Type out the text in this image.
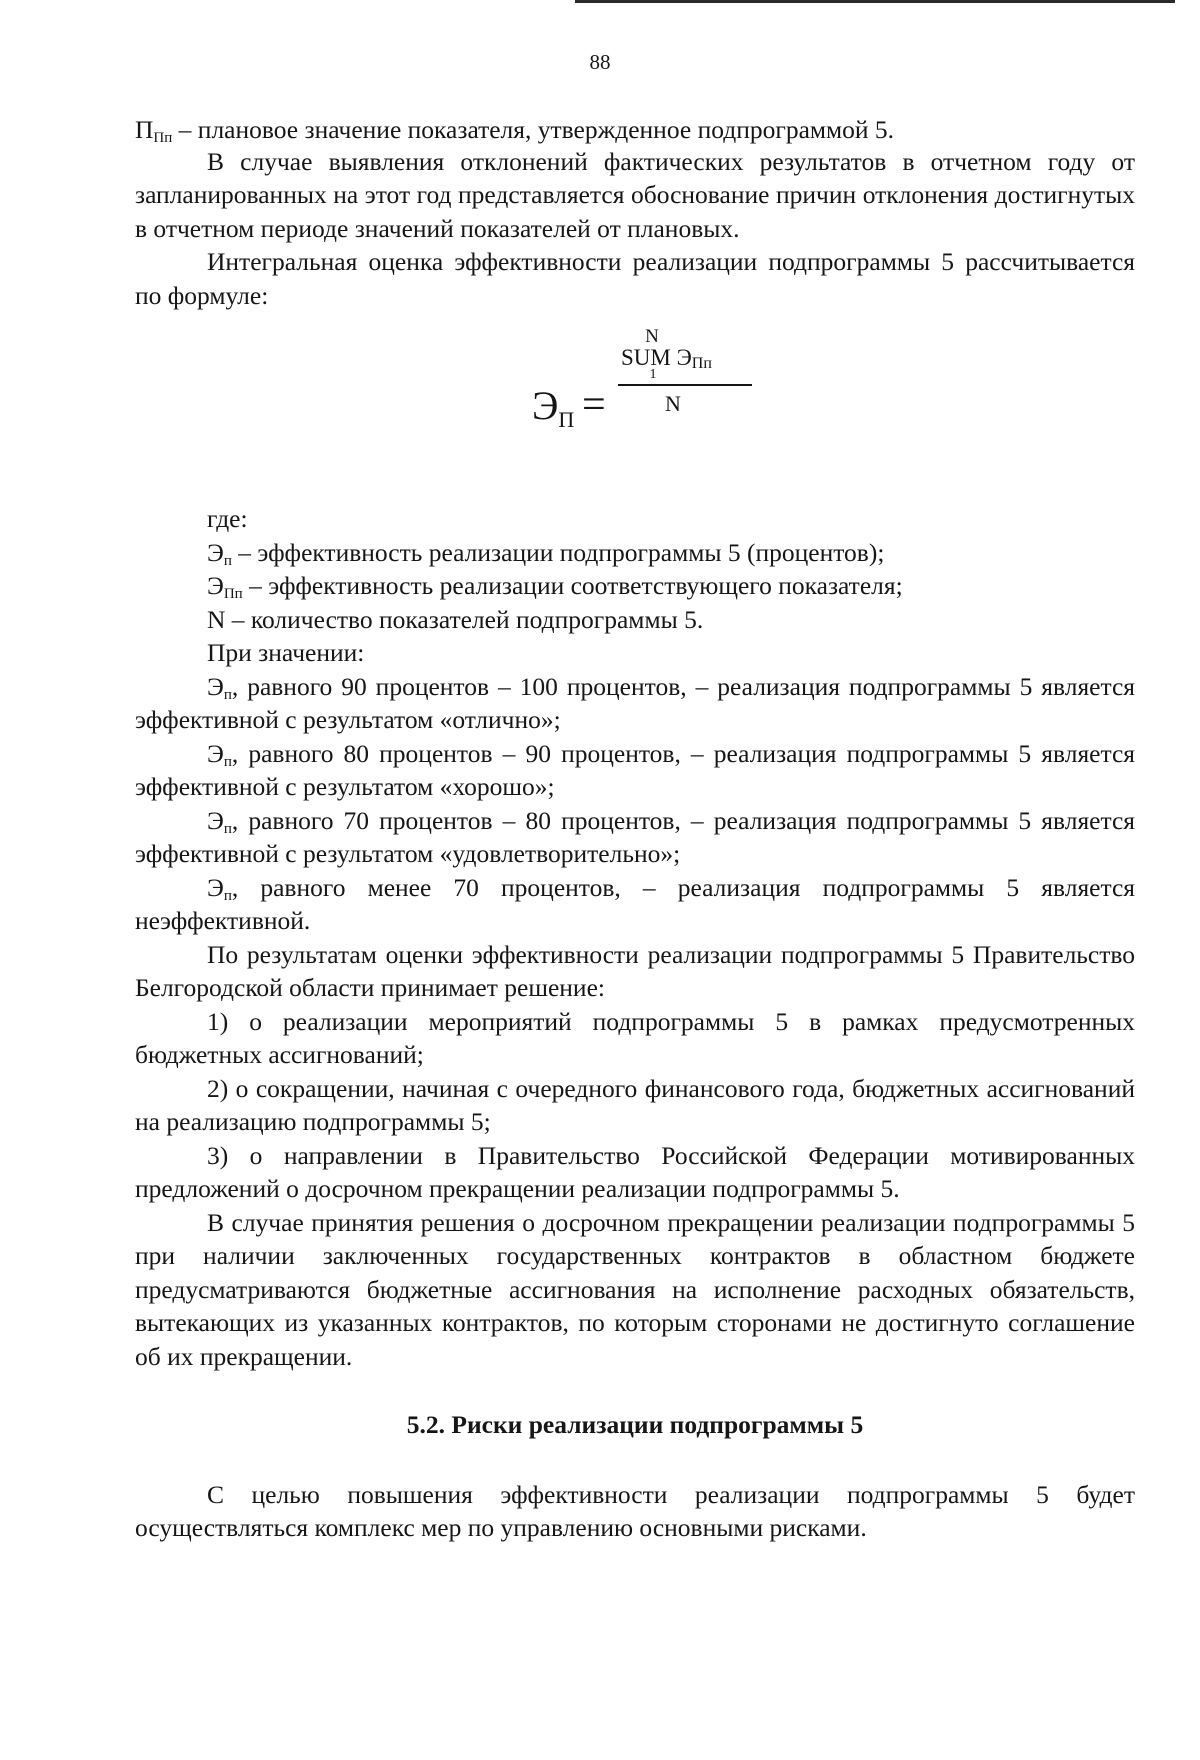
88

$П_{Пп}$ – плановое значение показателя, утвержденное подпрограммой 5.

В случае выявления отклонений фактических результатов в отчетном году от запланированных на этот год представляется обоснование причин отклонения достигнутых в отчетном периоде значений показателей от плановых.

Интегральная оценка эффективности реализации подпрограммы 5 рассчитывается по формуле:

$Э_П$ =
N
SUM $Э_{Пп}$
1
N

где:

$Э_п$ – эффективность реализации подпрограммы 5 (процентов);

$Э_{Пп}$ – эффективность реализации соответствующего показателя;

N – количество показателей подпрограммы 5.

При значении:

$Э_п$, равного 90 процентов – 100 процентов, – реализация подпрограммы 5 является эффективной с результатом «отлично»;

$Э_п$, равного 80 процентов – 90 процентов, – реализация подпрограммы 5 является эффективной с результатом «хорошо»;

$Э_п$, равного 70 процентов – 80 процентов, – реализация подпрограммы 5 является эффективной с результатом «удовлетворительно»;

$Э_п$, равного менее 70 процентов, – реализация подпрограммы 5 является неэффективной.

По результатам оценки эффективности реализации подпрограммы 5 Правительство Белгородской области принимает решение:

1) о реализации мероприятий подпрограммы 5 в рамках предусмотренных бюджетных ассигнований;

2) о сокращении, начиная с очередного финансового года, бюджетных ассигнований на реализацию подпрограммы 5;

3) о направлении в Правительство Российской Федерации мотивированных предложений о досрочном прекращении реализации подпрограммы 5.

В случае принятия решения о досрочном прекращении реализации подпрограммы 5 при наличии заключенных государственных контрактов в областном бюджете предусматриваются бюджетные ассигнования на исполнение расходных обязательств, вытекающих из указанных контрактов, по которым сторонами не достигнуто соглашение об их прекращении.

5.2. Риски реализации подпрограммы 5

С целью повышения эффективности реализации подпрограммы 5 будет осуществляться комплекс мер по управлению основными рисками.
